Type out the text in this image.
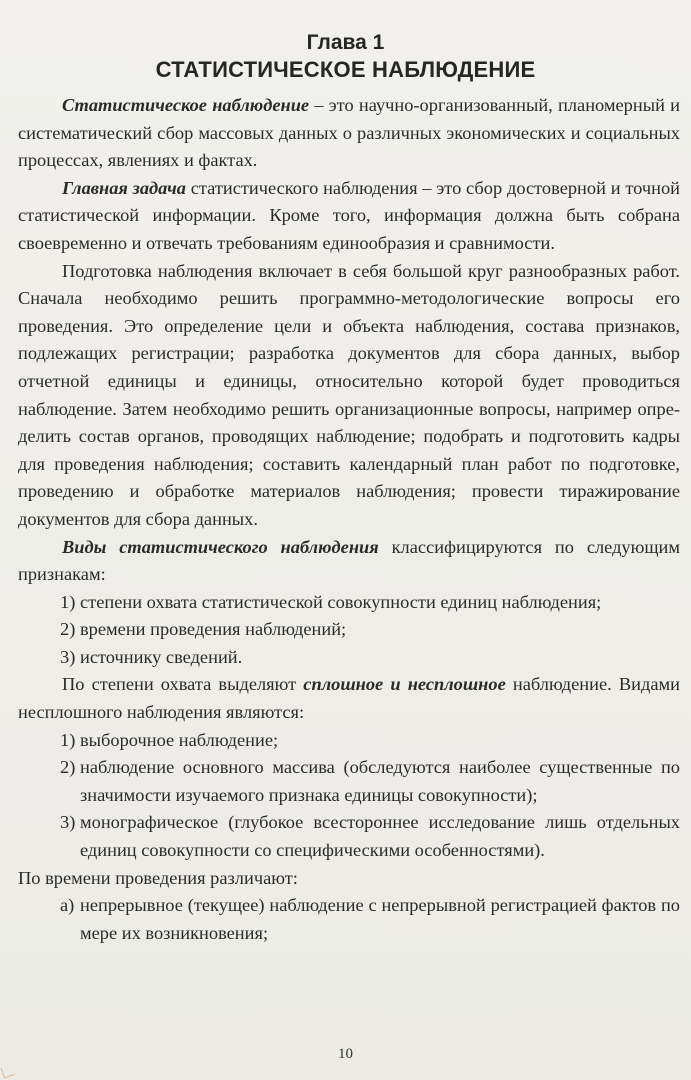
Глава 1
СТАТИСТИЧЕСКОЕ НАБЛЮДЕНИЕ

Статистическое наблюдение – это научно-организованный, планомерный и систематический сбор массовых данных о различных экономических и социальных процессах, явлениях и фактах.

Главная задача статистического наблюдения – это сбор достоверной и точной статистической информации. Кроме того, информация должна быть собрана своевременно и отвечать требованиям единообразия и сравнимости.

Подготовка наблюдения включает в себя большой круг разнообразных работ. Сначала необходимо решить программно-методологические вопросы его проведения. Это определение цели и объекта наблюдения, состава признаков, подлежащих регистрации; разработка документов для сбора данных, выбор отчетной единицы и единицы, относительно которой будет проводиться наблюдение. Затем необходимо решить организационные вопросы, например определить состав органов, проводящих наблюдение; подобрать и подготовить кадры для проведения наблюдения; составить календарный план работ по подготовке, проведению и обработке материалов наблюдения; провести тиражирование документов для сбора данных.

Виды статистического наблюдения классифицируются по следующим признакам:

1) степени охвата статистической совокупности единиц наблюдения;
2) времени проведения наблюдений;
3) источнику сведений.

По степени охвата выделяют сплошное и несплошное наблюдение. Видами несплошного наблюдения являются:

1) выборочное наблюдение;
2) наблюдение основного массива (обследуются наиболее существенные по значимости изучаемого признака единицы совокупности);
3) монографическое (глубокое всестороннее исследование лишь отдельных единиц совокупности со специфическими особенностями).

По времени проведения различают:

а) непрерывное (текущее) наблюдение с непрерывной регистрацией фактов по мере их возникновения;
10
